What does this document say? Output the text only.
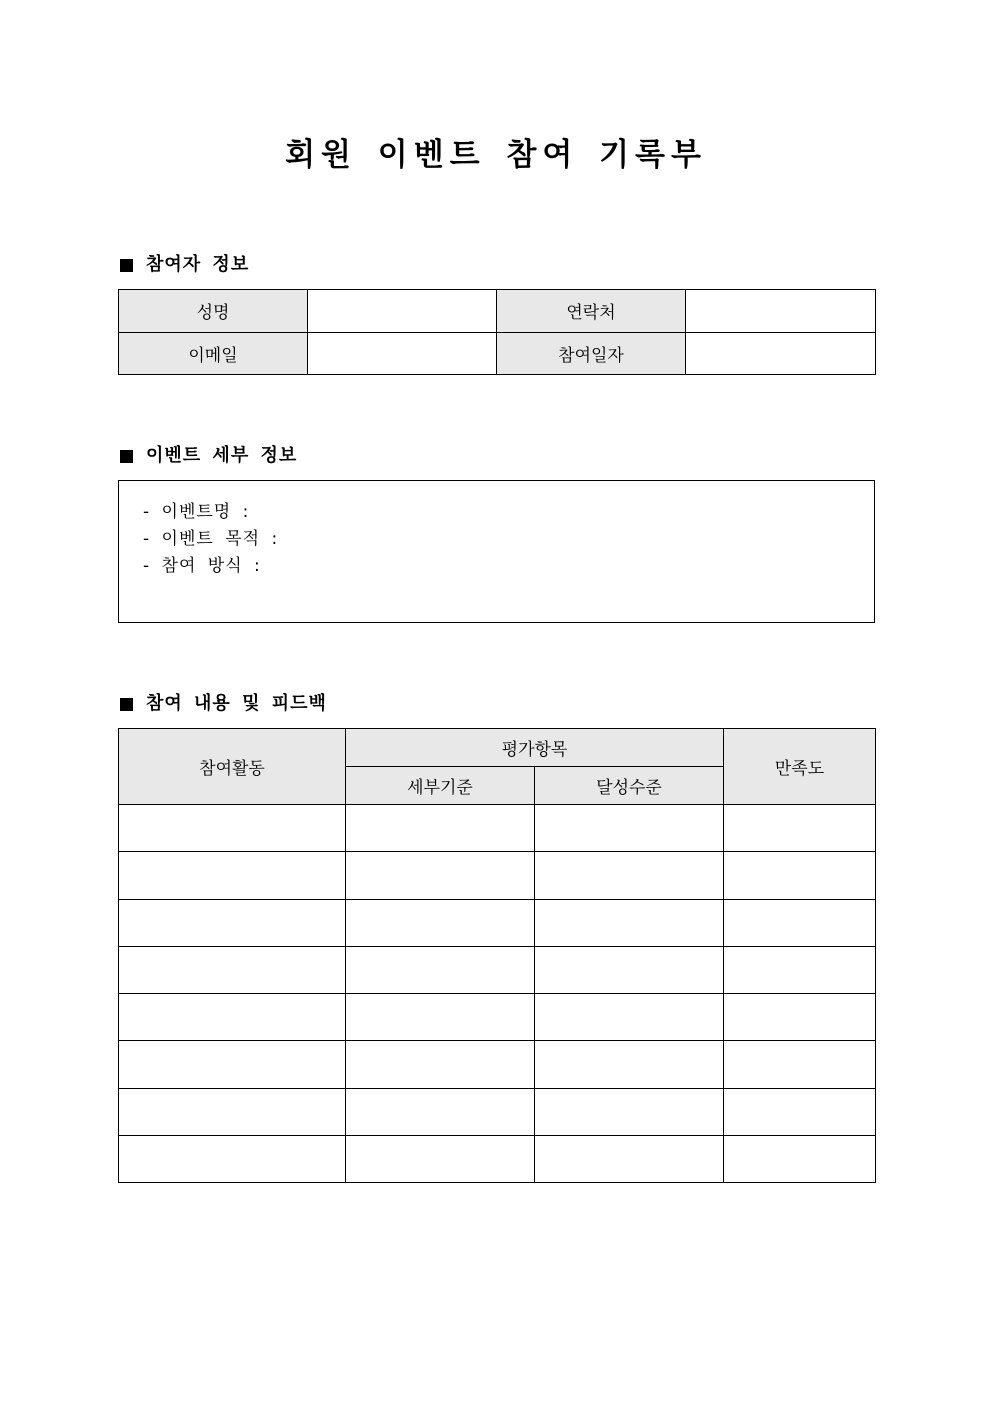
회원 이벤트 참여 기록부
참여자 정보
성명		연락처	
이메일		참여일자	
이벤트 세부 정보
- 이벤트명 :
- 이벤트 목적 :
- 참여 방식 :
참여 내용 및 피드백
참여활동	평가항목		만족도
	세부기준	달성수준	
